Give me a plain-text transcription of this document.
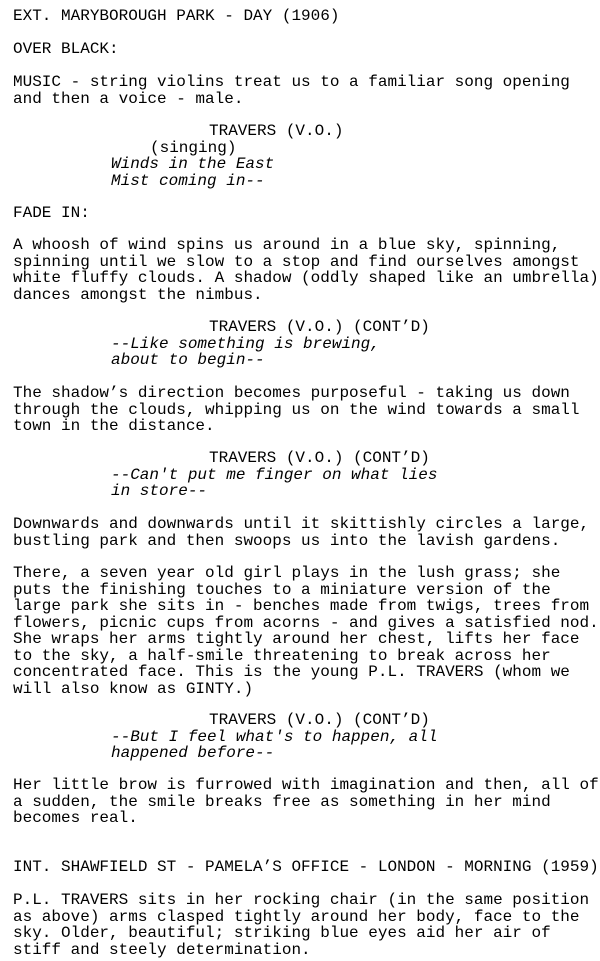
EXT. MARYBOROUGH PARK - DAY (1906)
OVER BLACK:
MUSIC - string violins treat us to a familiar song opening
and then a voice - male.
TRAVERS (V.O.)
(singing)
Winds in the East
Mist coming in--
FADE IN:
A whoosh of wind spins us around in a blue sky, spinning,
spinning until we slow to a stop and find ourselves amongst
white fluffy clouds. A shadow (oddly shaped like an umbrella)
dances amongst the nimbus.
TRAVERS (V.O.) (CONT’D)
--Like something is brewing,
about to begin--
The shadow’s direction becomes purposeful - taking us down
through the clouds, whipping us on the wind towards a small
town in the distance.
TRAVERS (V.O.) (CONT’D)
--Can't put me finger on what lies
in store--
Downwards and downwards until it skittishly circles a large,
bustling park and then swoops us into the lavish gardens.
There, a seven year old girl plays in the lush grass; she
puts the finishing touches to a miniature version of the
large park she sits in - benches made from twigs, trees from
flowers, picnic cups from acorns - and gives a satisfied nod.
She wraps her arms tightly around her chest, lifts her face
to the sky, a half-smile threatening to break across her
concentrated face. This is the young P.L. TRAVERS (whom we
will also know as GINTY.)
TRAVERS (V.O.) (CONT’D)
--But I feel what's to happen, all
happened before--
Her little brow is furrowed with imagination and then, all of
a sudden, the smile breaks free as something in her mind
becomes real.
INT. SHAWFIELD ST - PAMELA’S OFFICE - LONDON - MORNING (1959)
P.L. TRAVERS sits in her rocking chair (in the same position
as above) arms clasped tightly around her body, face to the
sky. Older, beautiful; striking blue eyes aid her air of
stiff and steely determination.
